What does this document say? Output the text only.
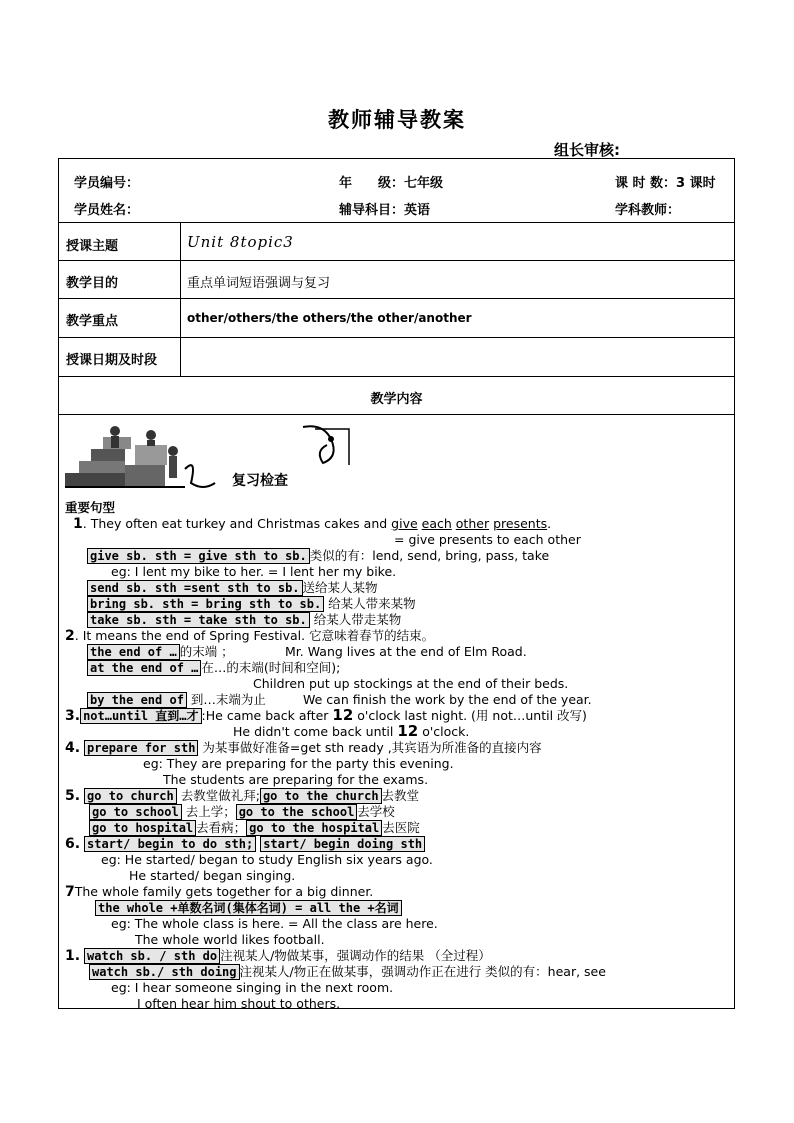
教师辅导教案
组长审核:
学员编号：	年　　级：七年级	课 时 数：3 课时
学员姓名：	辅导科目：英语	学科教师：
授课主题	Unit 8topic3
教学目的	重点单词短语强调与复习
教学重点	other/others/the others/the other/another
授课日期及时段
教学内容
复习检查
重要句型
1. They often eat turkey and Christmas cakes and give each other presents.
= give presents to each other
give sb. sth = give sth to sb. 类似的有：lend, send, bring, pass, take
eg: I lent my bike to her. = I lent her my bike.
send sb. sth =sent sth to sb. 送给某人某物
bring sb. sth = bring sth to sb. 给某人带来某物
take sb. sth = take sth to sb. 给某人带走某物
2. It means the end of Spring Festival. 它意味着春节的结束。
the end of … 的末端 ；	Mr. Wang lives at the end of Elm Road.
at the end of … 在…的末端(时间和空间);
Children put up stockings at the end of their beds.
by the end of 到…末端为止	We can finish the work by the end of the year.
3. not…until 直到…才 :He came back after 12 o'clock last night. (用 not…until 改写)
He didn't come back until 12 o'clock.
4. prepare for sth 为某事做好准备=get sth ready ,其宾语为所准备的直接内容
eg: They are preparing for the party this evening.
The students are preparing for the exams.
5. go to church 去教堂做礼拜; go to the church 去教堂
go to school 去上学； go to the school 去学校
go to hospital 去看病； go to the hospital 去医院
6. start/ begin to do sth; start/ begin doing sth
eg: He started/ began to study English six years ago.
He started/ began singing.
7The whole family gets together for a big dinner.
the whole +单数名词(集体名词) = all the +名词
eg: The whole class is here. = All the class are here.
The whole world likes football.
1. watch sb. / sth do 注视某人/物做某事，强调动作的结果 （全过程）
watch sb./ sth doing 注视某人/物正在做某事，强调动作正在进行 类似的有：hear, see
eg: I hear someone singing in the next room.
I often hear him shout to others.
